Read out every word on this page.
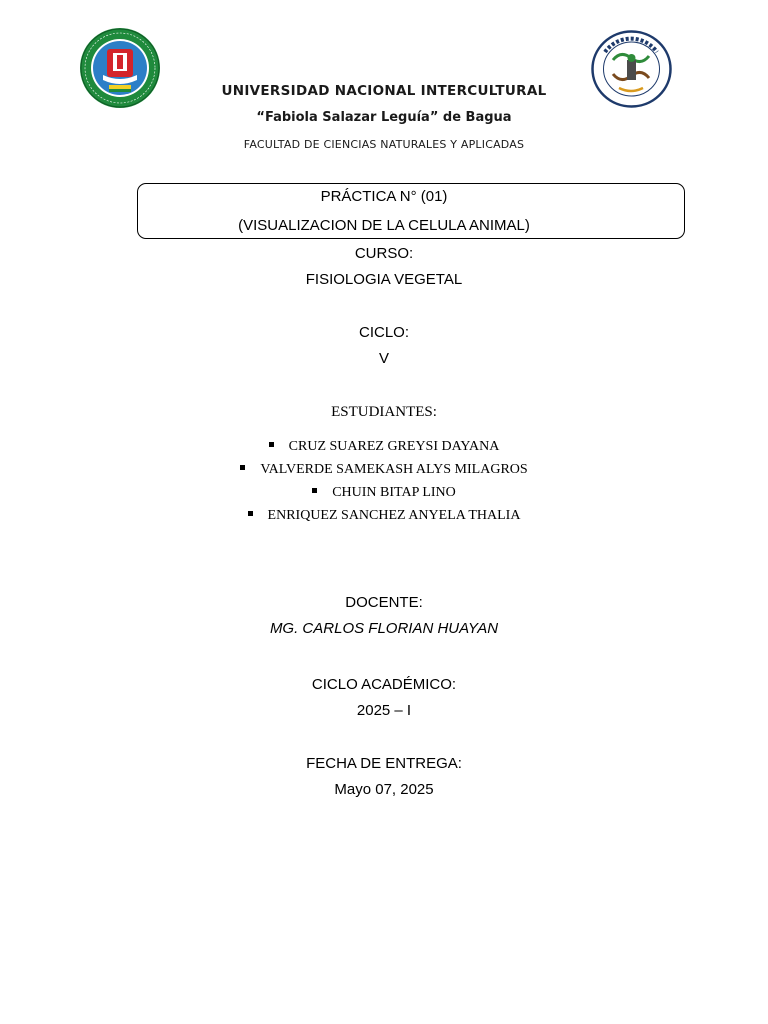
UNIVERSIDAD NACIONAL INTERCULTURAL
“Fabiola Salazar Leguía” de Bagua
FACULTAD DE CIENCIAS NATURALES Y APLICADAS
PRÁCTICA N° (01)
(VISUALIZACION DE LA CELULA ANIMAL)
CURSO:
FISIOLOGIA VEGETAL
CICLO:
V
ESTUDIANTES:
CRUZ SUAREZ GREYSI DAYANA
VALVERDE SAMEKASH ALYS MILAGROS
CHUIN BITAP LINO
ENRIQUEZ SANCHEZ ANYELA THALIA
DOCENTE:
MG. CARLOS FLORIAN HUAYAN
CICLO ACADÉMICO:
2025 – I
FECHA DE ENTREGA:
Mayo 07, 2025
